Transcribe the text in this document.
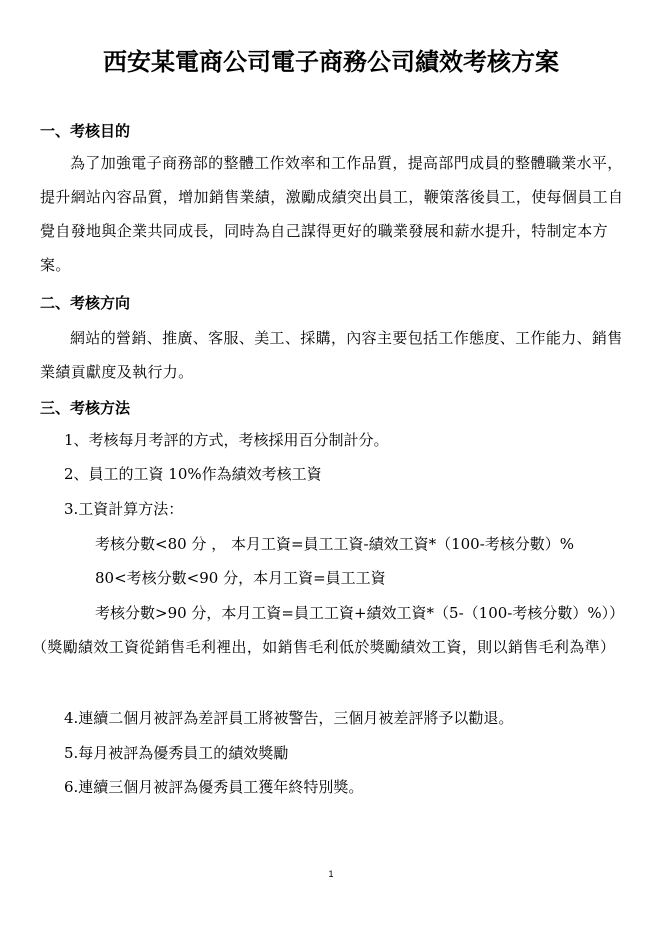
西安某電商公司電子商務公司績效考核方案
一、考核目的
為了加強電子商務部的整體工作效率和工作品質，提高部門成員的整體職業水平，提升網站內容品質，增加銷售業績，激勵成績突出員工，鞭策落後員工，使每個員工自覺自發地與企業共同成長，同時為自己謀得更好的職業發展和薪水提升，特制定本方案。
二、考核方向
網站的營銷、推廣、客服、美工、採購，內容主要包括工作態度、工作能力、銷售業績貢獻度及執行力。
三、考核方法
1、考核每月考評的方式，考核採用百分制計分。
2、員工的工資 10%作為績效考核工資
3.工資計算方法：
考核分數<80 分 ， 本月工資=員工工資-績效工資*（100-考核分數）%
80<考核分數<90 分，本月工資=員工工資
考核分數>90 分，本月工資=員工工資+績效工資*（5-（100-考核分數）%））
（獎勵績效工資從銷售毛利裡出，如銷售毛利低於獎勵績效工資，則以銷售毛利為準）
4.連續二個月被評為差評員工將被警告，三個月被差評將予以勸退。
5.每月被評為優秀員工的績效獎勵
6.連續三個月被評為優秀員工獲年終特別獎。
1
